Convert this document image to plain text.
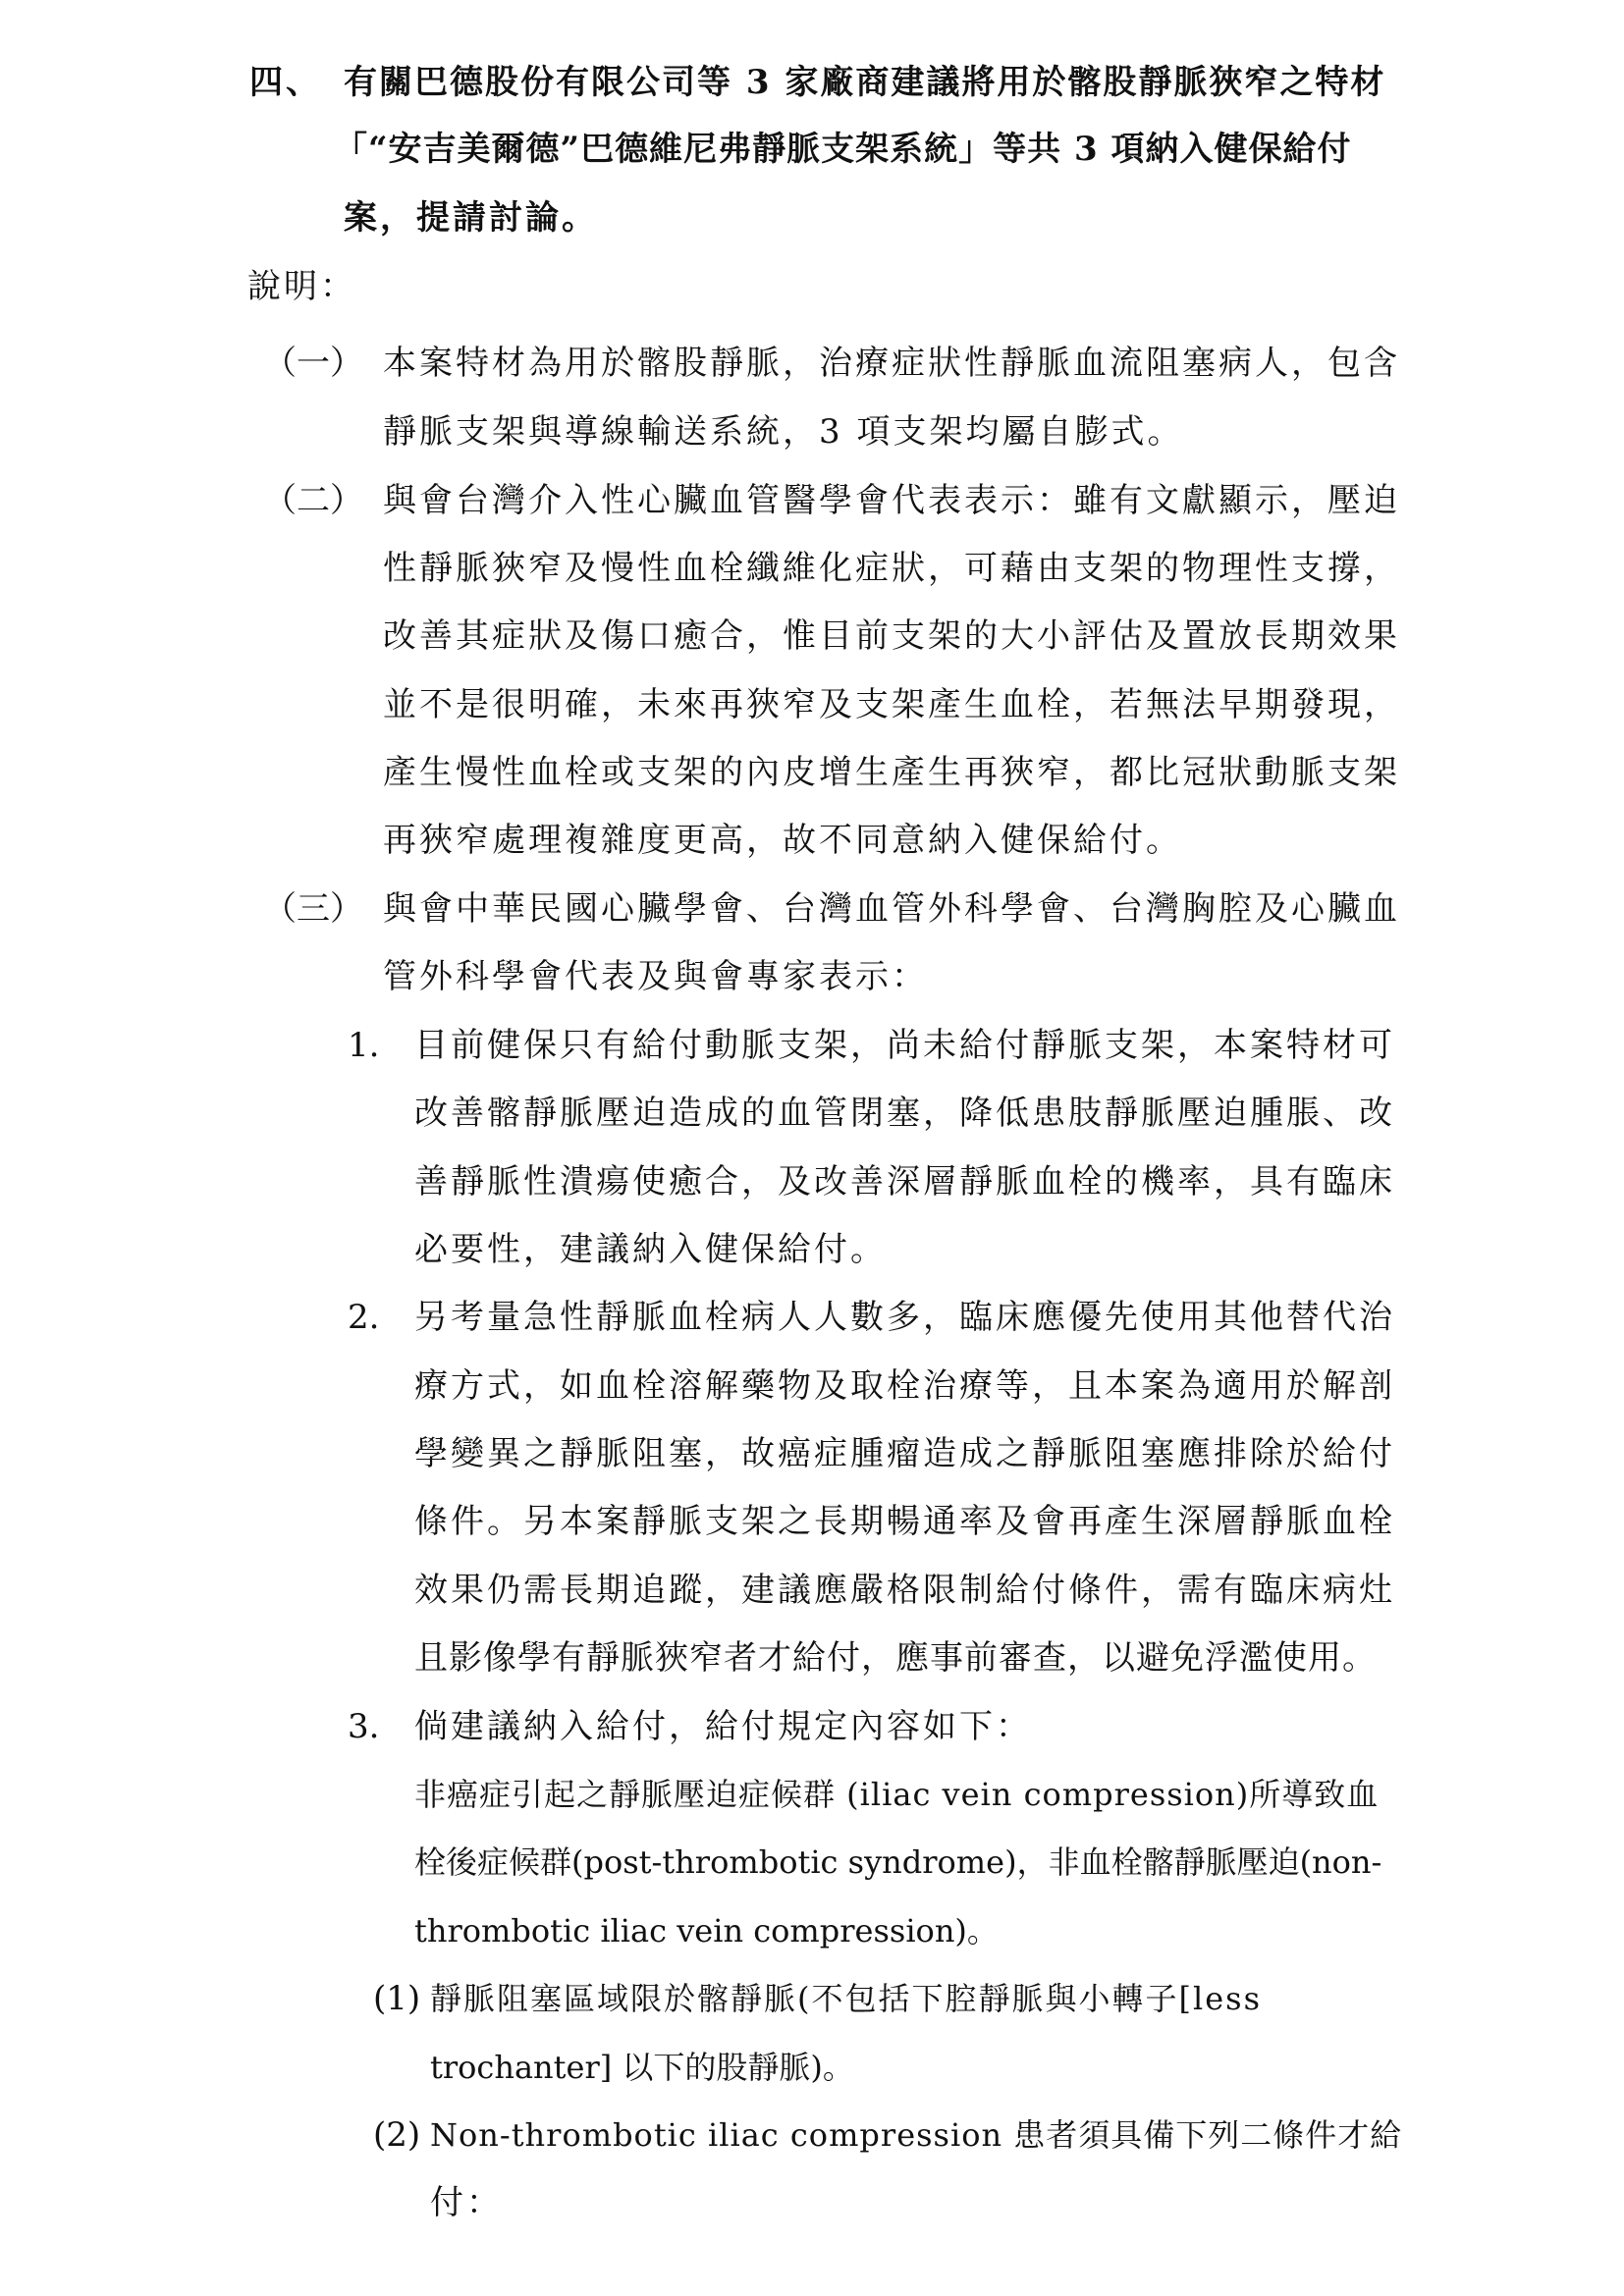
四、 有關巴德股份有限公司等 3 家廠商建議將用於髂股靜脈狹窄之特材
「“安吉美爾德”巴德維尼弗靜脈支架系統」等共 3 項納入健保給付
案，提請討論。
說明：
（一） 本案特材為用於髂股靜脈，治療症狀性靜脈血流阻塞病人，包含
靜脈支架與導線輸送系統，3 項支架均屬自膨式。
（二） 與會台灣介入性心臟血管醫學會代表表示：雖有文獻顯示，壓迫
性靜脈狹窄及慢性血栓纖維化症狀，可藉由支架的物理性支撐，
改善其症狀及傷口癒合，惟目前支架的大小評估及置放長期效果
並不是很明確，未來再狹窄及支架產生血栓，若無法早期發現，
產生慢性血栓或支架的內皮增生產生再狹窄，都比冠狀動脈支架
再狹窄處理複雜度更高，故不同意納入健保給付。
（三） 與會中華民國心臟學會、台灣血管外科學會、台灣胸腔及心臟血
管外科學會代表及與會專家表示：
1. 目前健保只有給付動脈支架，尚未給付靜脈支架，本案特材可
改善髂靜脈壓迫造成的血管閉塞，降低患肢靜脈壓迫腫脹、改
善靜脈性潰瘍使癒合，及改善深層靜脈血栓的機率，具有臨床
必要性，建議納入健保給付。
2. 另考量急性靜脈血栓病人人數多，臨床應優先使用其他替代治
療方式，如血栓溶解藥物及取栓治療等，且本案為適用於解剖
學變異之靜脈阻塞，故癌症腫瘤造成之靜脈阻塞應排除於給付
條件。另本案靜脈支架之長期暢通率及會再產生深層靜脈血栓
效果仍需長期追蹤，建議應嚴格限制給付條件，需有臨床病灶
且影像學有靜脈狹窄者才給付，應事前審查，以避免浮濫使用。
3. 倘建議納入給付，給付規定內容如下：
非癌症引起之靜脈壓迫症候群 (iliac vein compression)所導致血
栓後症候群(post-thrombotic syndrome)，非血栓髂靜脈壓迫(non-
thrombotic iliac vein compression)。
(1) 靜脈阻塞區域限於髂靜脈(不包括下腔靜脈與小轉子[less
trochanter] 以下的股靜脈)。
(2) Non-thrombotic iliac compression 患者須具備下列二條件才給
付：
